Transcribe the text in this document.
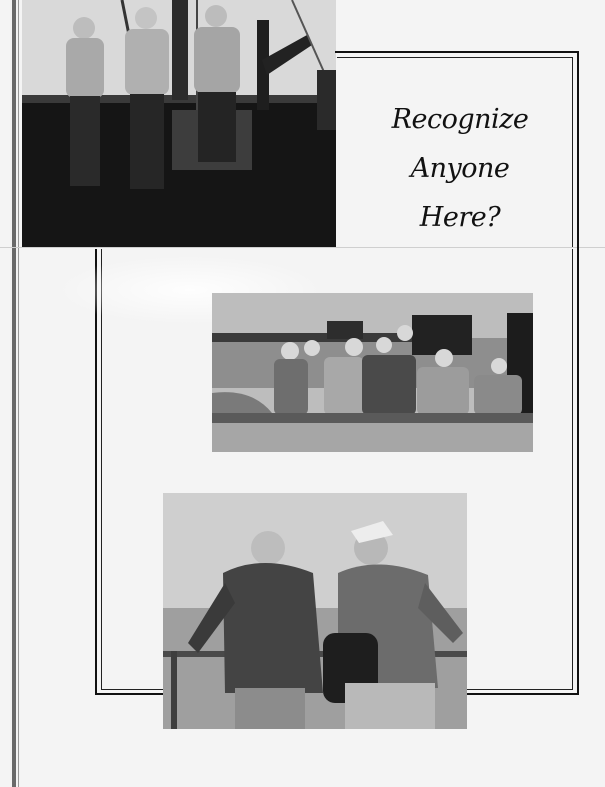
Recognize
Anyone
Here?
